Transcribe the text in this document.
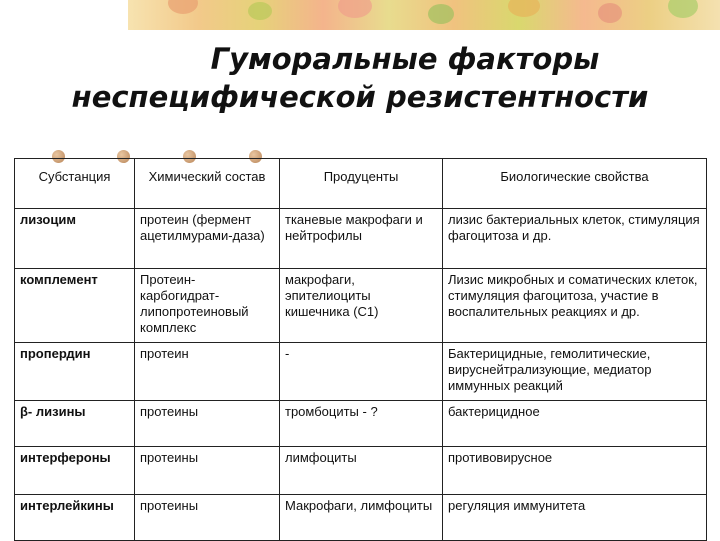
Гуморальные факторы
неспецифической резистентности
Субстанция	Химический состав	Продуценты	Биологические свойства
лизоцим	протеин (фермент ацетилмурами-даза)	тканевые макрофаги и нейтрофилы	лизис бактериальных клеток, стимуляция фагоцитоза и др.
комплемент	Протеин-карбогидрат-липопротеиновый комплекс	макрофаги, эпителиоциты кишечника (С1)	Лизис микробных и соматических клеток, стимуляция фагоцитоза, участие в воспалительных реакциях и др.
пропердин	протеин	-	Бактерицидные, гемолитические, вируснейтрализующие, медиатор иммунных реакций
β- лизины	протеины	тромбоциты - ?	бактерицидное
интерфероны	протеины	лимфоциты	противовирусное
интерлейкины	протеины	Макрофаги, лимфоциты	регуляция иммунитета
